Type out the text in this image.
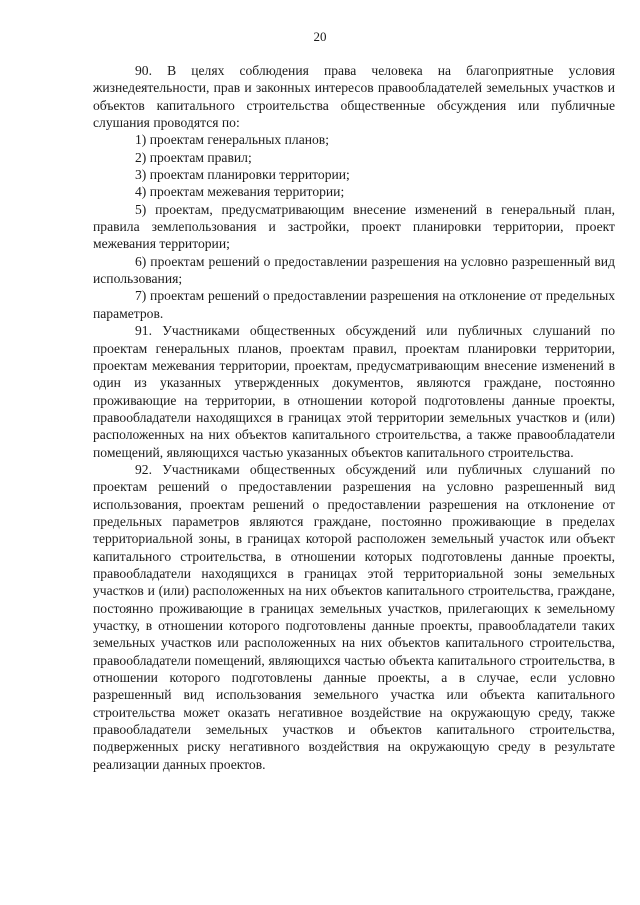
20

90. В целях соблюдения права человека на благоприятные условия жизнедеятельности, прав и законных интересов правообладателей земельных участков и объектов капитального строительства общественные обсуждения или публичные слушания проводятся по:

1) проектам генеральных планов;

2) проектам правил;

3) проектам планировки территории;

4) проектам межевания территории;

5) проектам, предусматривающим внесение изменений в генеральный план, правила землепользования и застройки, проект планировки территории, проект межевания территории;

6) проектам решений о предоставлении разрешения на условно разрешенный вид использования;

7) проектам решений о предоставлении разрешения на отклонение от предельных параметров.

91. Участниками общественных обсуждений или публичных слушаний по проектам генеральных планов, проектам правил, проектам планировки территории, проектам межевания территории, проектам, предусматривающим внесение изменений в один из указанных утвержденных документов, являются граждане, постоянно проживающие на территории, в отношении которой подготовлены данные проекты, правообладатели находящихся в границах этой территории земельных участков и (или) расположенных на них объектов капитального строительства, а также правообладатели помещений, являющихся частью указанных объектов капитального строительства.

92. Участниками общественных обсуждений или публичных слушаний по проектам решений о предоставлении разрешения на условно разрешенный вид использования, проектам решений о предоставлении разрешения на отклонение от предельных параметров являются граждане, постоянно проживающие в пределах территориальной зоны, в границах которой расположен земельный участок или объект капитального строительства, в отношении которых подготовлены данные проекты, правообладатели находящихся в границах этой территориальной зоны земельных участков и (или) расположенных на них объектов капитального строительства, граждане, постоянно проживающие в границах земельных участков, прилегающих к земельному участку, в отношении которого подготовлены данные проекты, правообладатели таких земельных участков или расположенных на них объектов капитального строительства, правообладатели помещений, являющихся частью объекта капитального строительства, в отношении которого подготовлены данные проекты, а в случае, если условно разрешенный вид использования земельного участка или объекта капитального строительства может оказать негативное воздействие на окружающую среду, также правообладатели земельных участков и объектов капитального строительства, подверженных риску негативного воздействия на окружающую среду в результате реализации данных проектов.
